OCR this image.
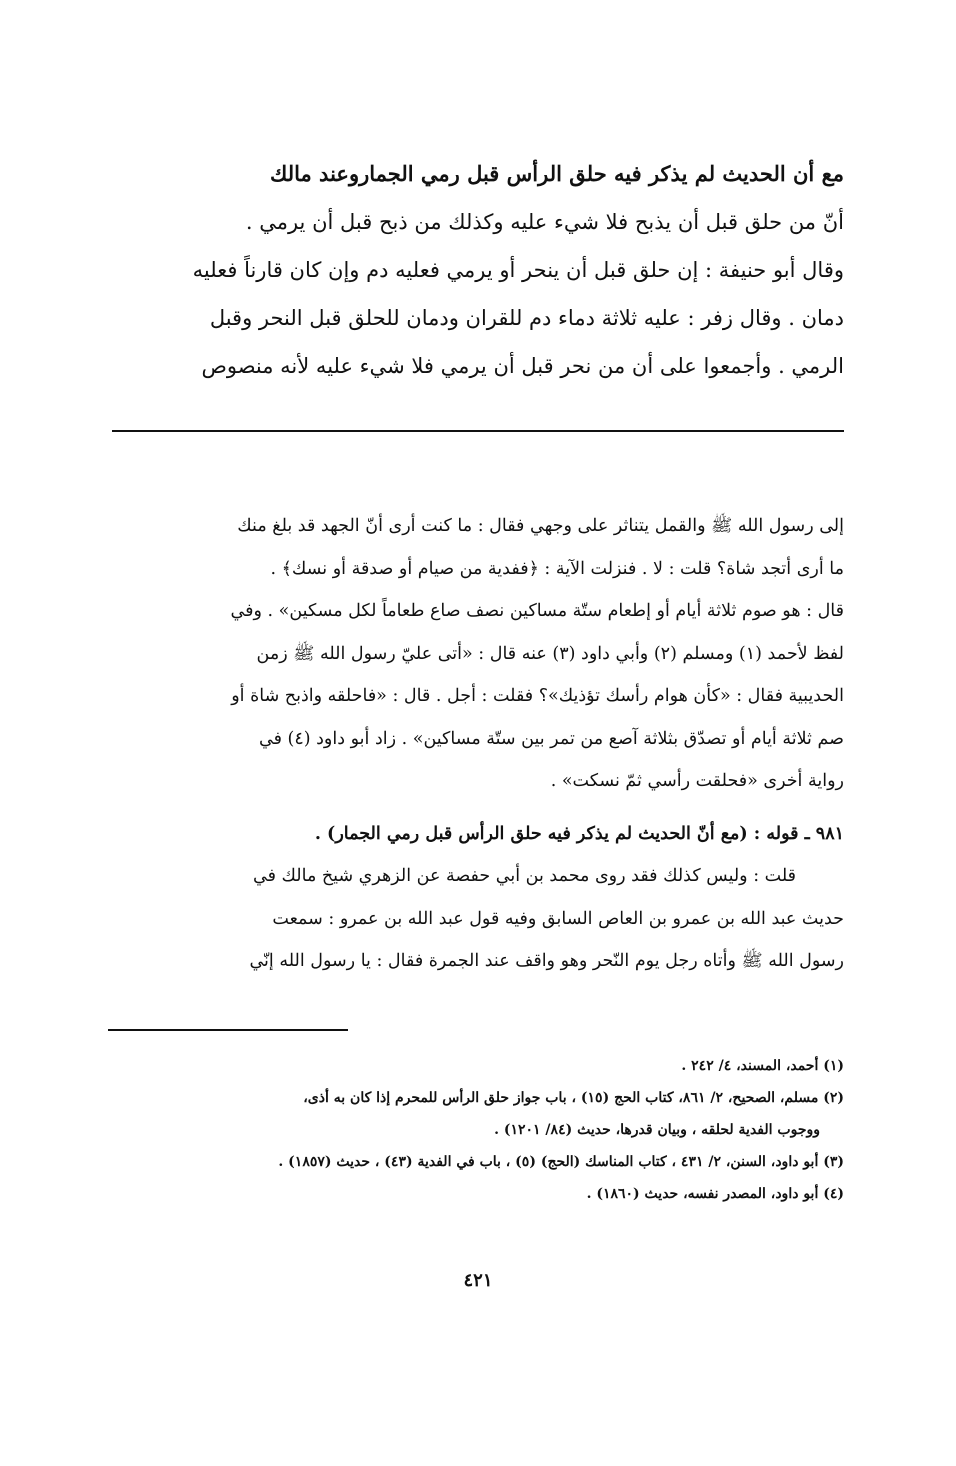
مع أن الحديث لم يذكر فيه حلق الرأس قبل رمي الجماروعند مالك
أنّ من حلق قبل أن يذبح فلا شيء عليه وكذلك من ذبح قبل أن يرمي .
وقال أبو حنيفة : إن حلق قبل أن ينحر أو يرمي فعليه دم وإن كان قارناً فعليه
دمان . وقال زفر : عليه ثلاثة دماء دم للقران ودمان للحلق قبل النحر وقبل
الرمي . وأجمعوا على أن من نحر قبل أن يرمي فلا شيء عليه لأنه منصوص
إلى رسول الله ﷺ والقمل يتناثر على وجهي فقال : ما كنت أرى أنّ الجهد قد بلغ منك
ما أرى أتجد شاة؟ قلت : لا . فنزلت الآية : ﴿ففدية من صيام أو صدقة أو نسك﴾ .
قال : هو صوم ثلاثة أيام أو إطعام ستّة مساكين نصف صاع طعاماً لكل مسكين» . وفي
لفظ لأحمد (١) ومسلم (٢) وأبي داود (٣) عنه قال : «أتى عليّ رسول الله ﷺ زمن
الحديبية فقال : «كأن هوام رأسك تؤذيك»؟ فقلت : أجل . قال : «فاحلقه واذبح شاة أو
صم ثلاثة أيام أو تصدّق بثلاثة آصع من تمر بين ستّة مساكين» . زاد أبو داود (٤) في
رواية أخرى «فحلقت رأسي ثمّ نسكت» .
٩٨١ ـ قوله : (مع أنّ الحديث لم يذكر فيه حلق الرأس قبل رمي الجمار) .
قلت : وليس كذلك فقد روى محمد بن أبي حفصة عن الزهري شيخ مالك في
حديث عبد الله بن عمرو بن العاص السابق وفيه قول عبد الله بن عمرو : سمعت
رسول الله ﷺ وأتاه رجل يوم النّحر وهو واقف عند الجمرة فقال : يا رسول الله إنّي
(١) أحمد، المسند، ٤/ ٢٤٢ .
(٢) مسلم، الصحيح، ٢/ ٨٦١، كتاب الحج (١٥) ، باب جواز حلق الرأس للمحرم إذا كان به أذى،
ووجوب الفدية لحلقه ، وبيان قدرها، حديث (٨٤/ ١٢٠١) .
(٣) أبو داود، السنن، ٢/ ٤٣١ ، كتاب المناسك (الحج) (٥) ، باب في الفدية (٤٣) ، حديث (١٨٥٧) .
(٤) أبو داود، المصدر نفسه، حديث (١٨٦٠) .
٤٢١
